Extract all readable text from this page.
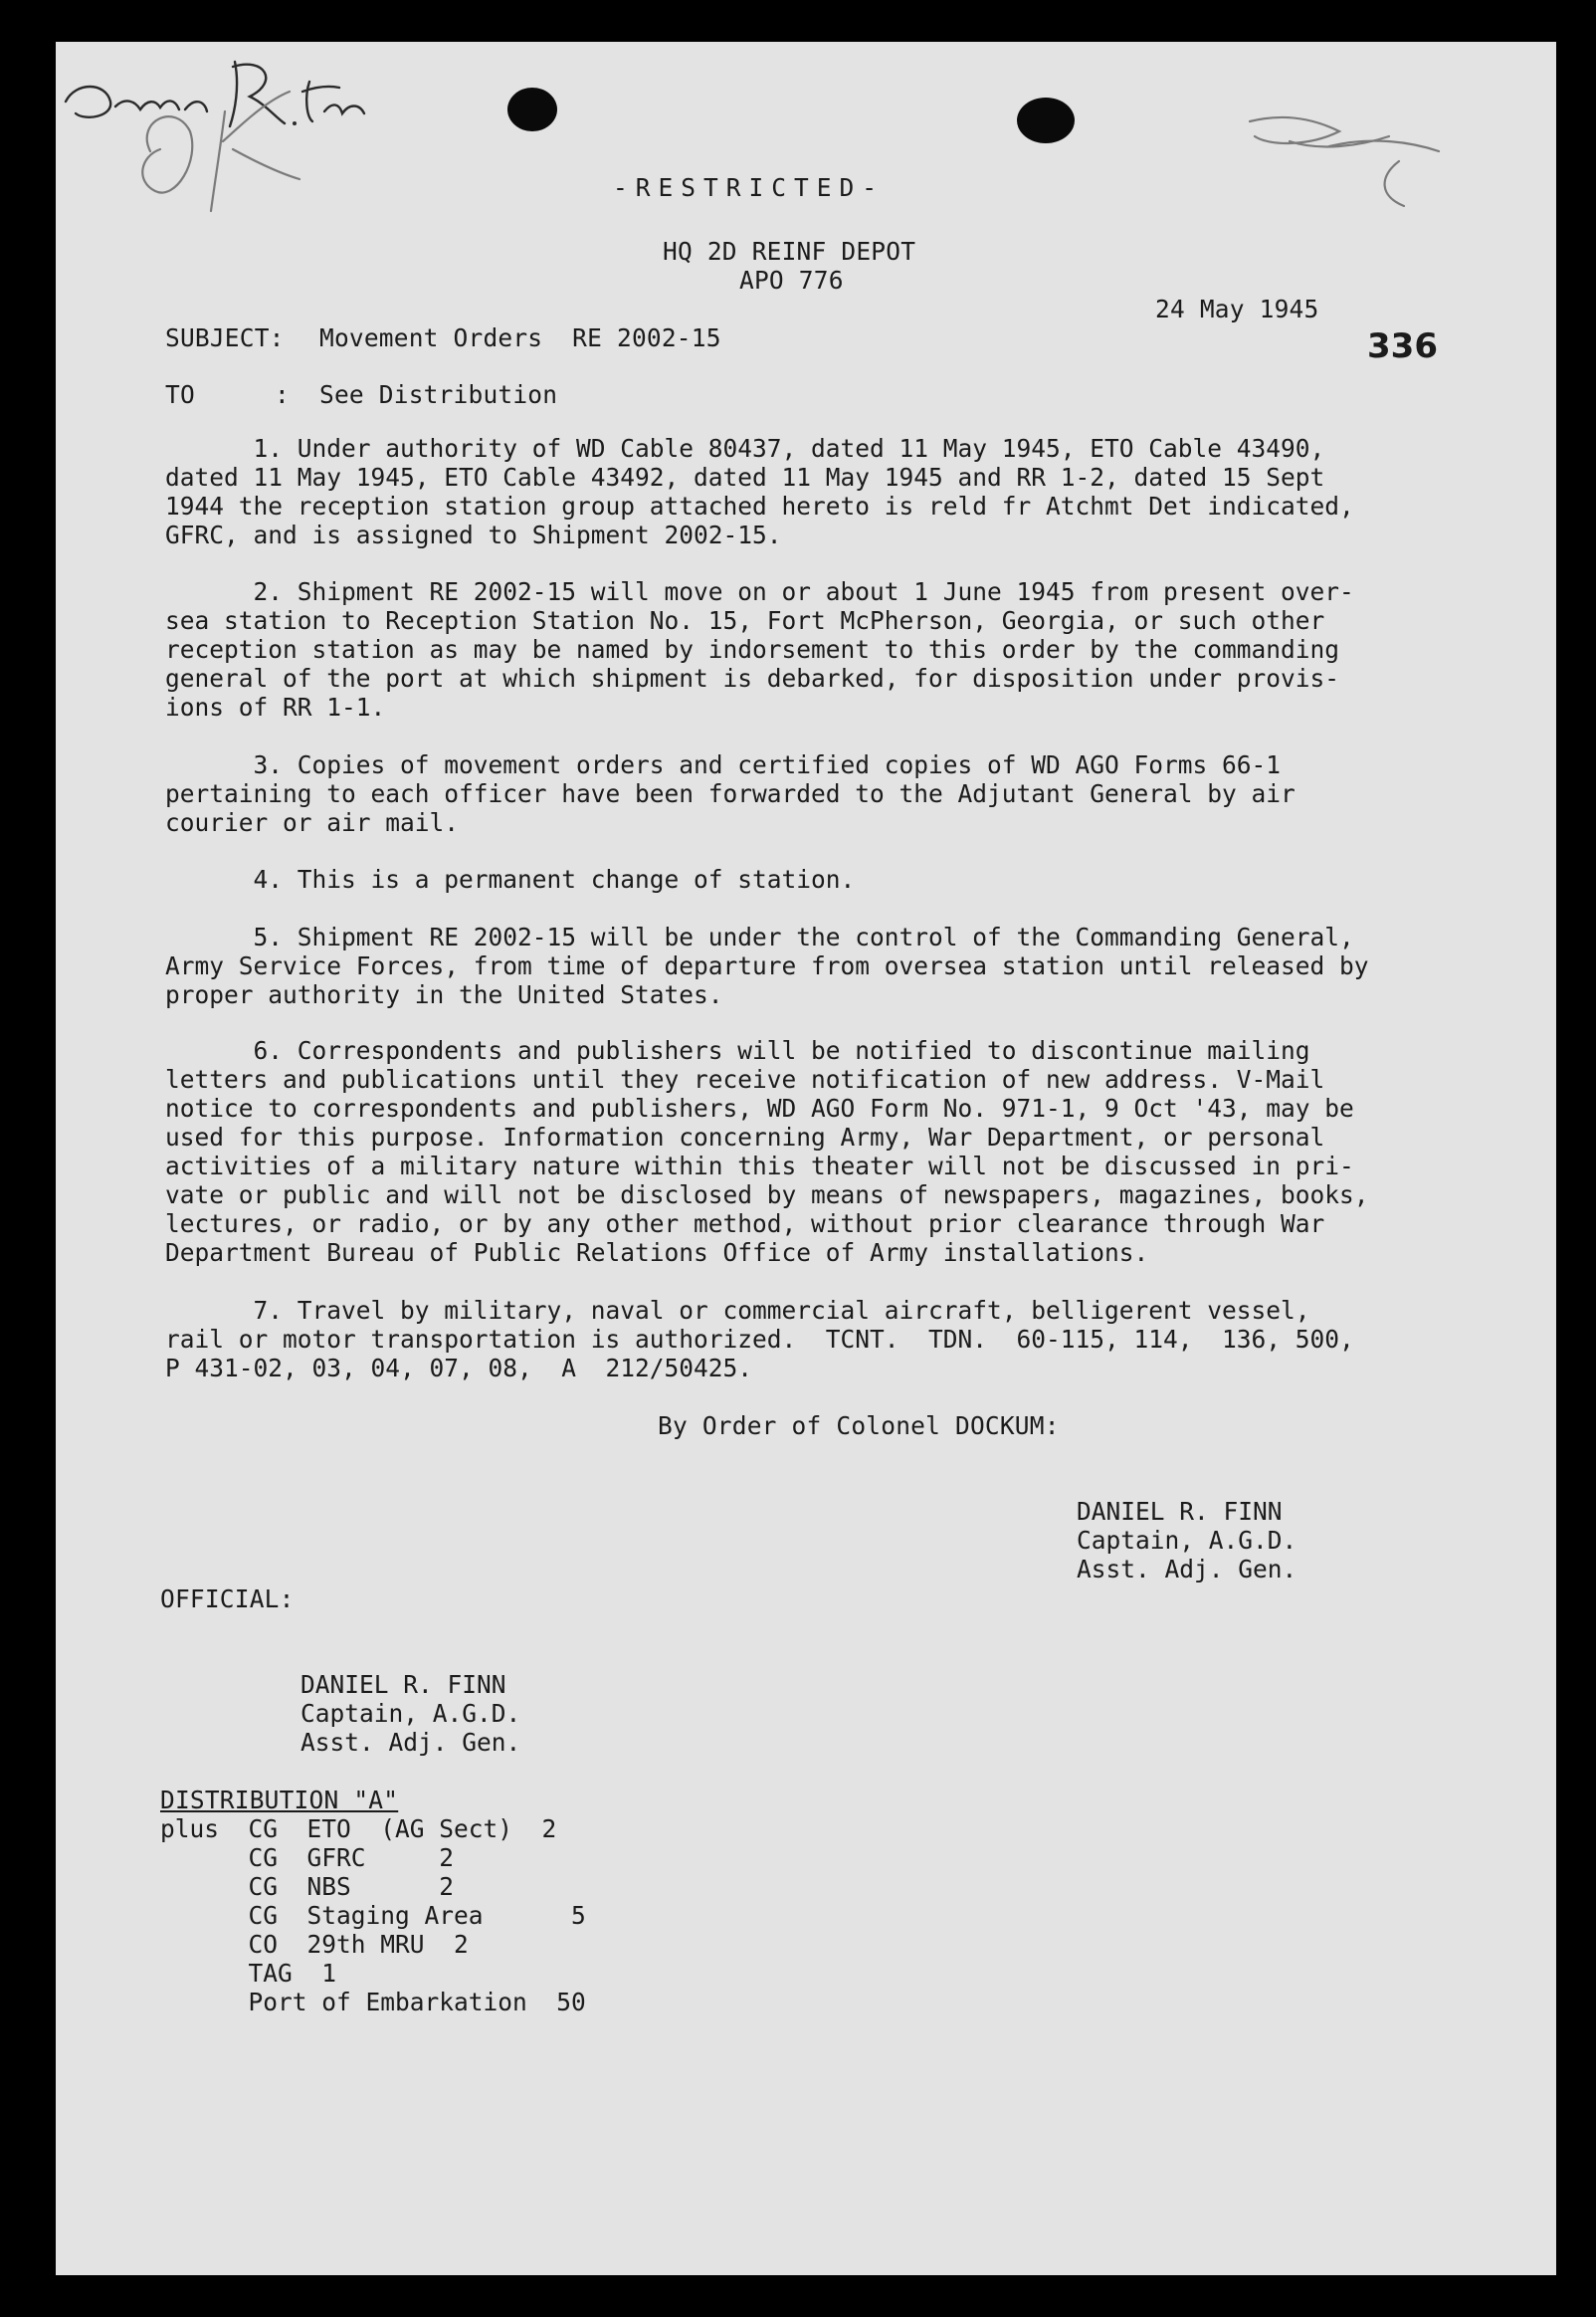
-RESTRICTED-
HQ 2D REINF DEPOT
APO 776
24 May 1945
336
SUBJECT: Movement Orders  RE 2002-15
TO	: See Distribution
1. Under authority of WD Cable 80437, dated 11 May 1945, ETO Cable 43490,
dated 11 May 1945, ETO Cable 43492, dated 11 May 1945 and RR 1-2, dated 15 Sept
1944 the reception station group attached hereto is reld fr Atchmt Det indicated,
GFRC, and is assigned to Shipment 2002-15.
2. Shipment RE 2002-15 will move on or about 1 June 1945 from present over-
sea station to Reception Station No. 15, Fort McPherson, Georgia, or such other
reception station as may be named by indorsement to this order by the commanding
general of the port at which shipment is debarked, for disposition under provis-
ions of RR 1-1.
3. Copies of movement orders and certified copies of WD AGO Forms 66-1
pertaining to each officer have been forwarded to the Adjutant General by air
courier or air mail.
4. This is a permanent change of station.
5. Shipment RE 2002-15 will be under the control of the Commanding General,
Army Service Forces, from time of departure from oversea station until released by
proper authority in the United States.
6. Correspondents and publishers will be notified to discontinue mailing
letters and publications until they receive notification of new address. V-Mail
notice to correspondents and publishers, WD AGO Form No. 971-1, 9 Oct '43, may be
used for this purpose. Information concerning Army, War Department, or personal
activities of a military nature within this theater will not be discussed in pri-
vate or public and will not be disclosed by means of newspapers, magazines, books,
lectures, or radio, or by any other method, without prior clearance through War
Department Bureau of Public Relations Office of Army installations.
7. Travel by military, naval or commercial aircraft, belligerent vessel,
rail or motor transportation is authorized.  TCNT.  TDN.  60-115, 114,  136, 500,
P 431-02, 03, 04, 07, 08,  A  212/50425.
By Order of Colonel DOCKUM:
DANIEL R. FINN
Captain, A.G.D.
Asst. Adj. Gen.
OFFICIAL:
DANIEL R. FINN
Captain, A.G.D.
Asst. Adj. Gen.
DISTRIBUTION "A"
plus  CG  ETO  (AG Sect)  2
CG  GFRC     2
CG  NBS      2
CG  Staging Area      5
CO  29th MRU  2
TAG  1
Port of Embarkation  50
